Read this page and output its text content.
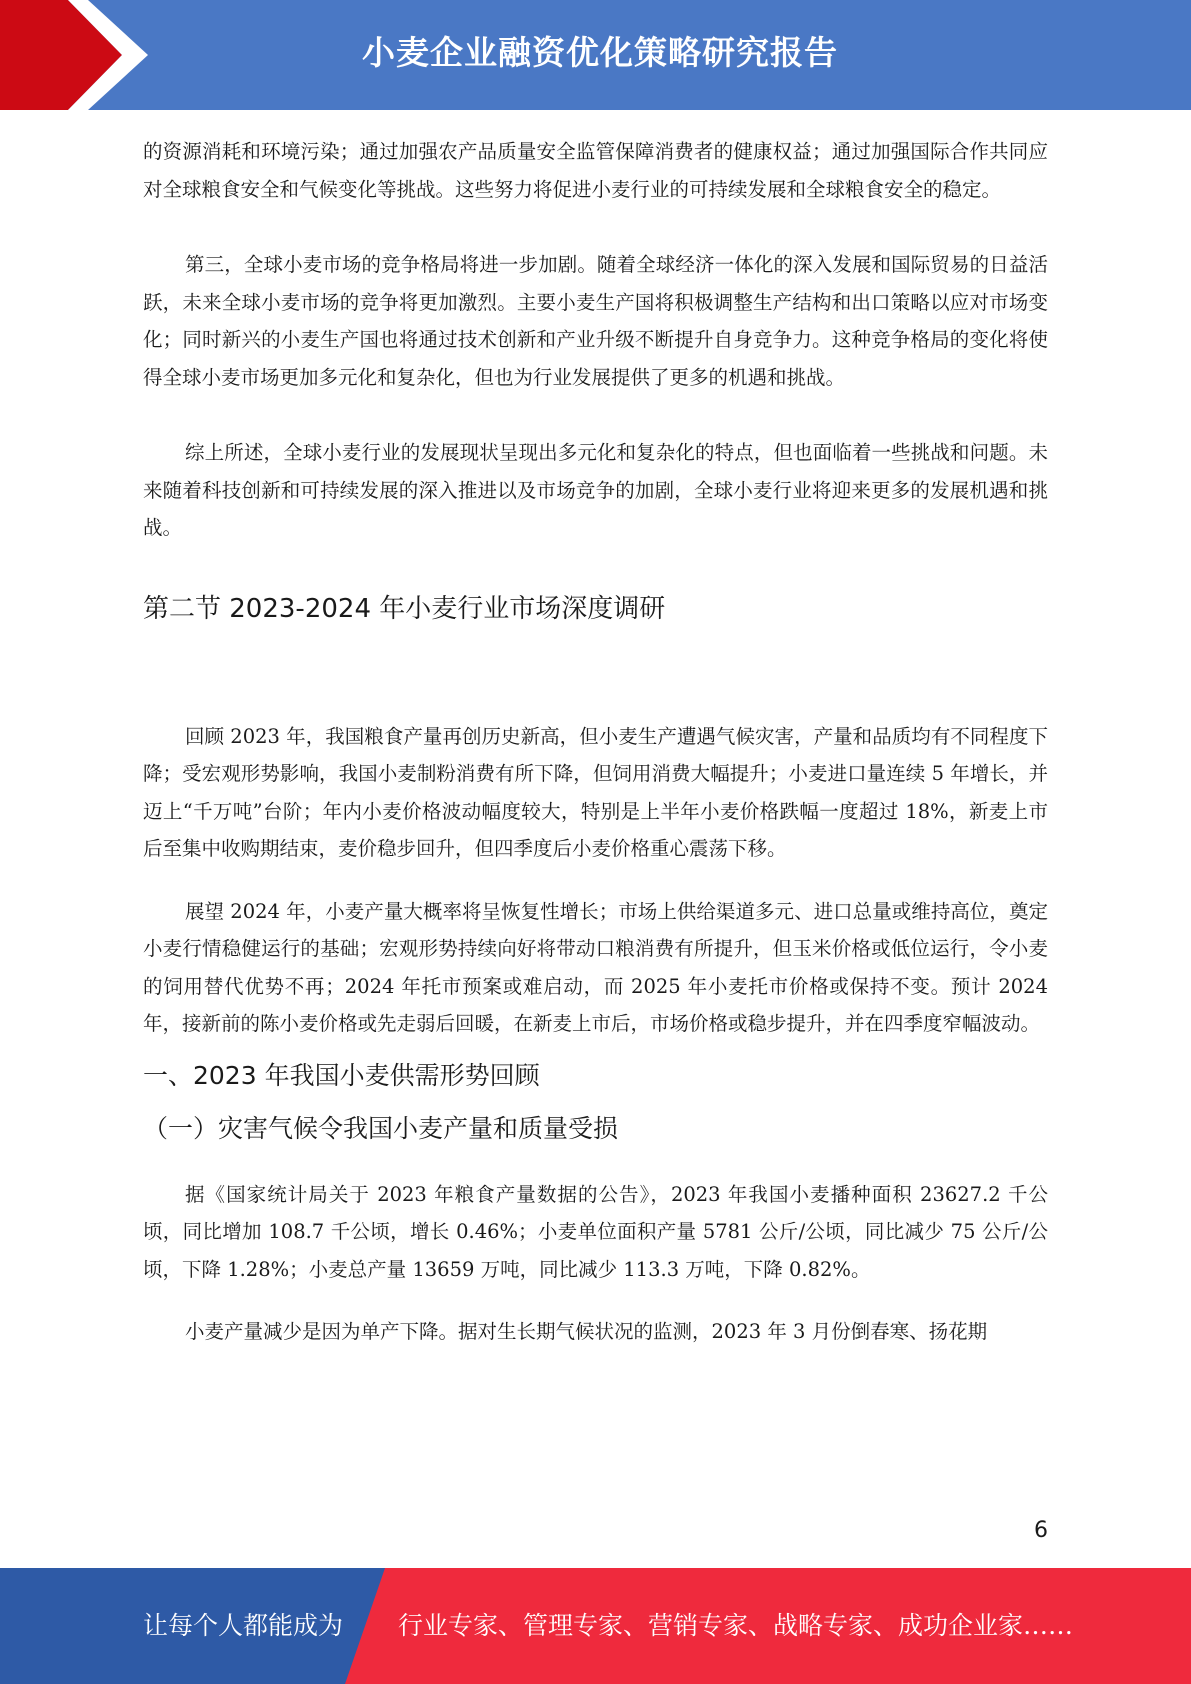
小麦企业融资优化策略研究报告

的资源消耗和环境污染；通过加强农产品质量安全监管保障消费者的健康权益；通过加强国际合作共同应对全球粮食安全和气候变化等挑战。这些努力将促进小麦行业的可持续发展和全球粮食安全的稳定。

第三，全球小麦市场的竞争格局将进一步加剧。随着全球经济一体化的深入发展和国际贸易的日益活跃，未来全球小麦市场的竞争将更加激烈。主要小麦生产国将积极调整生产结构和出口策略以应对市场变化；同时新兴的小麦生产国也将通过技术创新和产业升级不断提升自身竞争力。这种竞争格局的变化将使得全球小麦市场更加多元化和复杂化，但也为行业发展提供了更多的机遇和挑战。

综上所述，全球小麦行业的发展现状呈现出多元化和复杂化的特点，但也面临着一些挑战和问题。未来随着科技创新和可持续发展的深入推进以及市场竞争的加剧，全球小麦行业将迎来更多的发展机遇和挑战。

第二节 2023-2024 年小麦行业市场深度调研

回顾 2023 年，我国粮食产量再创历史新高，但小麦生产遭遇气候灾害，产量和品质均有不同程度下降；受宏观形势影响，我国小麦制粉消费有所下降，但饲用消费大幅提升；小麦进口量连续 5 年增长，并迈上“千万吨”台阶；年内小麦价格波动幅度较大，特别是上半年小麦价格跌幅一度超过 18%，新麦上市后至集中收购期结束，麦价稳步回升，但四季度后小麦价格重心震荡下移。

展望 2024 年，小麦产量大概率将呈恢复性增长；市场上供给渠道多元、进口总量或维持高位，奠定小麦行情稳健运行的基础；宏观形势持续向好将带动口粮消费有所提升，但玉米价格或低位运行，令小麦的饲用替代优势不再；2024 年托市预案或难启动，而 2025 年小麦托市价格或保持不变。预计 2024 年，接新前的陈小麦价格或先走弱后回暖，在新麦上市后，市场价格或稳步提升，并在四季度窄幅波动。

一、2023 年我国小麦供需形势回顾
（一）灾害气候令我国小麦产量和质量受损

据《国家统计局关于 2023 年粮食产量数据的公告》，2023 年我国小麦播种面积 23627.2 千公顷，同比增加 108.7 千公顷，增长 0.46%；小麦单位面积产量 5781 公斤/公顷，同比减少 75 公斤/公顷，下降 1.28%；小麦总产量 13659 万吨，同比减少 113.3 万吨，下降 0.82%。

小麦产量减少是因为单产下降。据对生长期气候状况的监测，2023 年 3 月份倒春寒、扬花期

6
让每个人都能成为 行业专家、管理专家、营销专家、战略专家、成功企业家……
